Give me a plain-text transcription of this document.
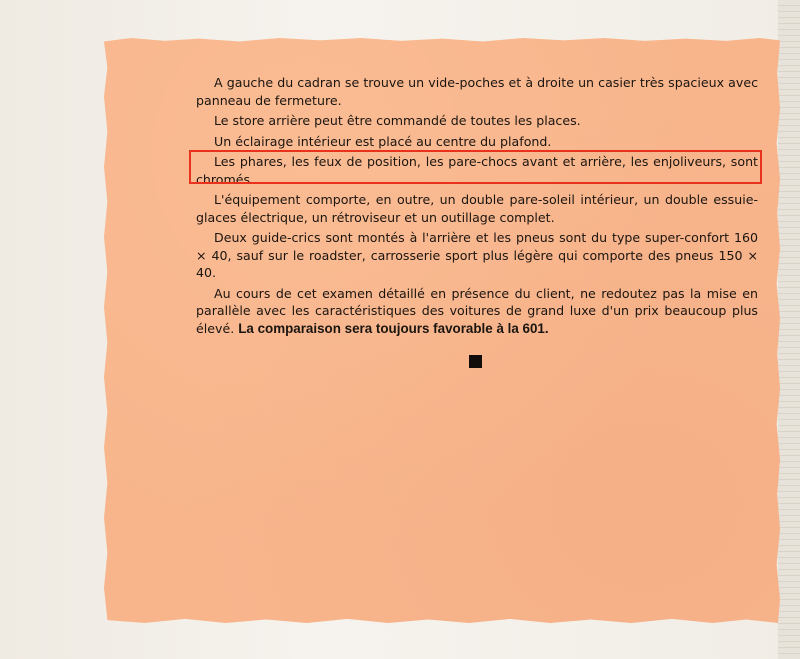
A gauche du cadran se trouve un vide-poches et à droite un casier très spacieux avec panneau de fermeture.

Le store arrière peut être commandé de toutes les places.

Un éclairage intérieur est placé au centre du plafond.

Les phares, les feux de position, les pare-chocs avant et arrière, les enjoliveurs, sont chromés.

L'équipement comporte, en outre, un double pare-soleil intérieur, un double essuie-glaces électrique, un rétroviseur et un outillage complet.

Deux guide-crics sont montés à l'arrière et les pneus sont du type super-confort 160 × 40, sauf sur le roadster, carrosserie sport plus légère qui comporte des pneus 150 × 40.

Au cours de cet examen détaillé en présence du client, ne redoutez pas la mise en parallèle avec les caractéristiques des voitures de grand luxe d'un prix beaucoup plus élevé. La comparaison sera toujours favorable à la 601.
